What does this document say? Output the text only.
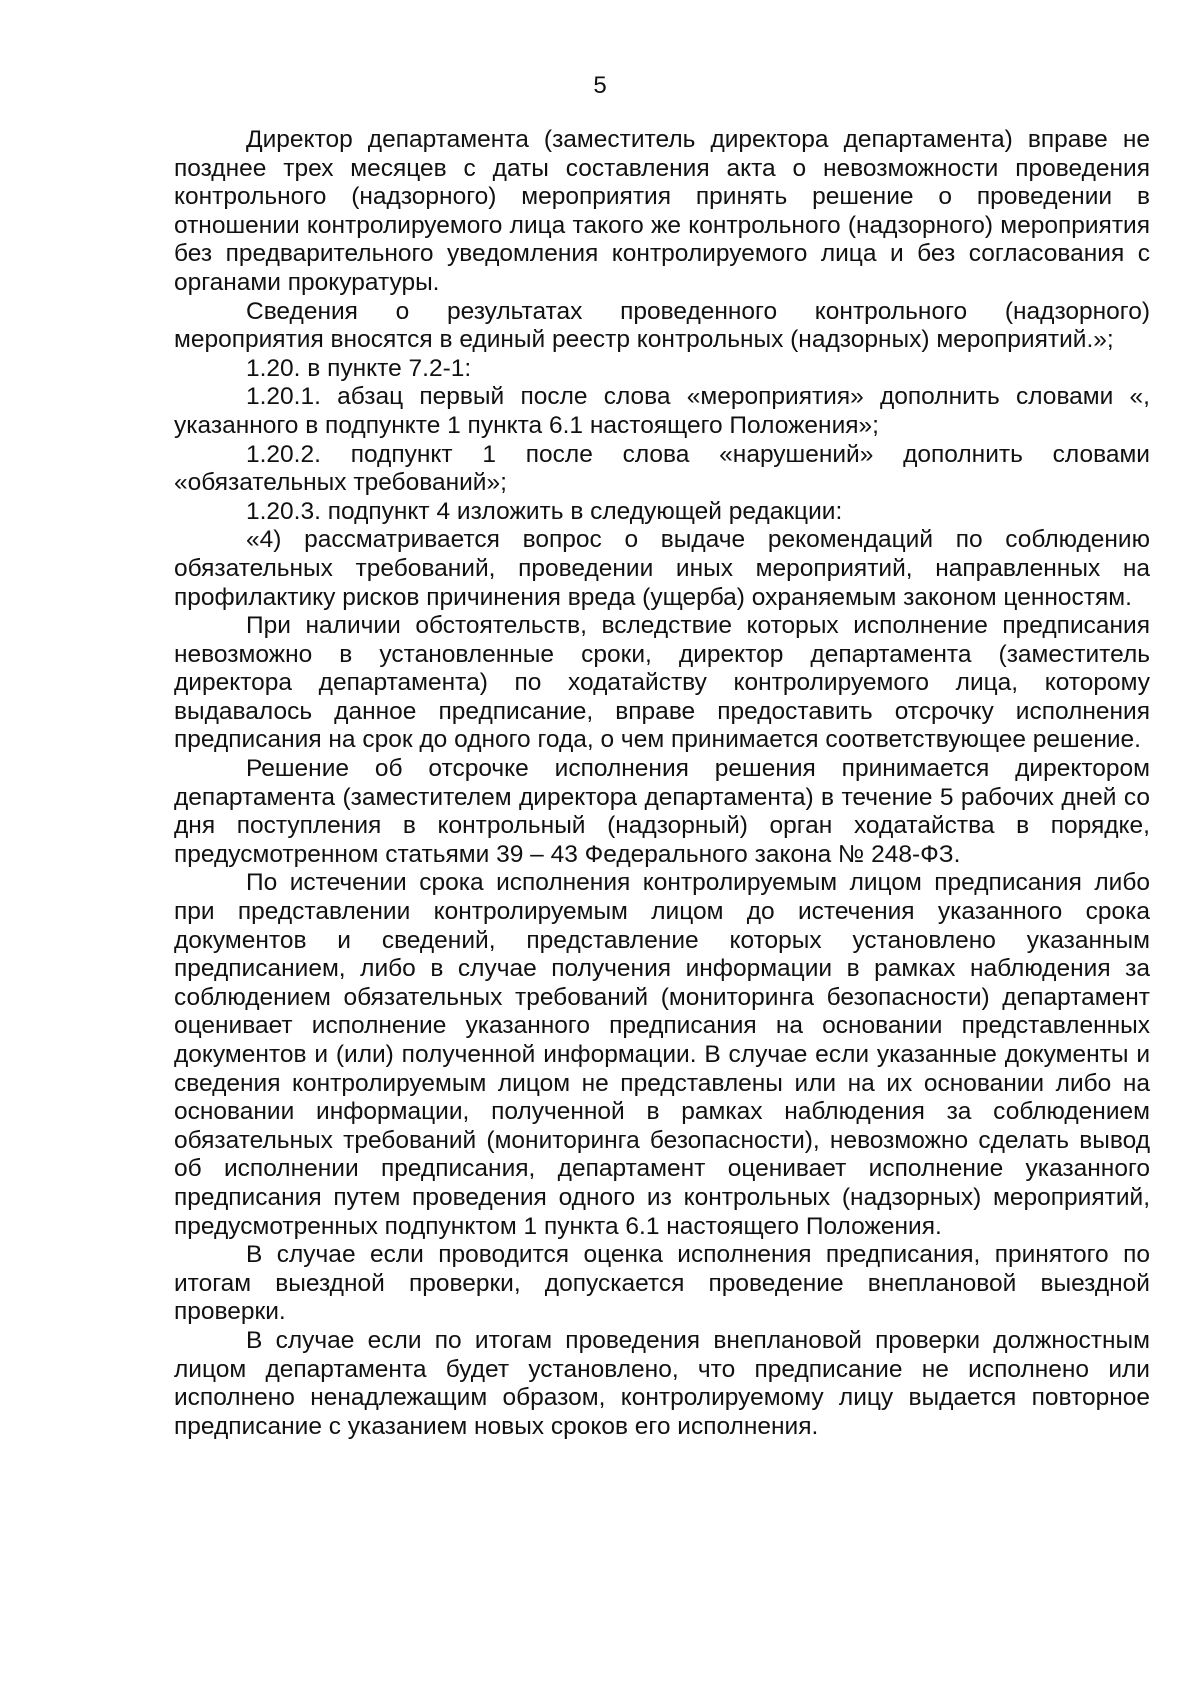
5

Директор департамента (заместитель директора департамента) вправе не позднее трех месяцев с даты составления акта о невозможности проведения контрольного (надзорного) мероприятия принять решение о проведении в отношении контролируемого лица такого же контрольного (надзорного) мероприятия без предварительного уведомления контролируемого лица и без согласования с органами прокуратуры.

Сведения о результатах проведенного контрольного (надзорного) мероприятия вносятся в единый реестр контрольных (надзорных) мероприятий.»;

1.20. в пункте 7.2-1:

1.20.1. абзац первый после слова «мероприятия» дополнить словами «, указанного в подпункте 1 пункта 6.1 настоящего Положения»;

1.20.2. подпункт 1 после слова «нарушений» дополнить словами «обязательных требований»;

1.20.3. подпункт 4 изложить в следующей редакции:

«4) рассматривается вопрос о выдаче рекомендаций по соблюдению обязательных требований, проведении иных мероприятий, направленных на профилактику рисков причинения вреда (ущерба) охраняемым законом ценностям.

При наличии обстоятельств, вследствие которых исполнение предписания невозможно в установленные сроки, директор департамента (заместитель директора департамента) по ходатайству контролируемого лица, которому выдавалось данное предписание, вправе предоставить отсрочку исполнения предписания на срок до одного года, о чем принимается соответствующее решение.

Решение об отсрочке исполнения решения принимается директором департамента (заместителем директора департамента) в течение 5 рабочих дней со дня поступления в контрольный (надзорный) орган ходатайства в порядке, предусмотренном статьями 39 – 43 Федерального закона № 248-ФЗ.

По истечении срока исполнения контролируемым лицом предписания либо при представлении контролируемым лицом до истечения указанного срока документов и сведений, представление которых установлено указанным предписанием, либо в случае получения информации в рамках наблюдения за соблюдением обязательных требований (мониторинга безопасности) департамент оценивает исполнение указанного предписания на основании представленных документов и (или) полученной информации. В случае если указанные документы и сведения контролируемым лицом не представлены или на их основании либо на основании информации, полученной в рамках наблюдения за соблюдением обязательных требований (мониторинга безопасности), невозможно сделать вывод об исполнении предписания, департамент оценивает исполнение указанного предписания путем проведения одного из контрольных (надзорных) мероприятий, предусмотренных подпунктом 1 пункта 6.1 настоящего Положения.

В случае если проводится оценка исполнения предписания, принятого по итогам выездной проверки, допускается проведение внеплановой выездной проверки.

В случае если по итогам проведения внеплановой проверки должностным лицом департамента будет установлено, что предписание не исполнено или исполнено ненадлежащим образом, контролируемому лицу выдается повторное предписание с указанием новых сроков его исполнения.
